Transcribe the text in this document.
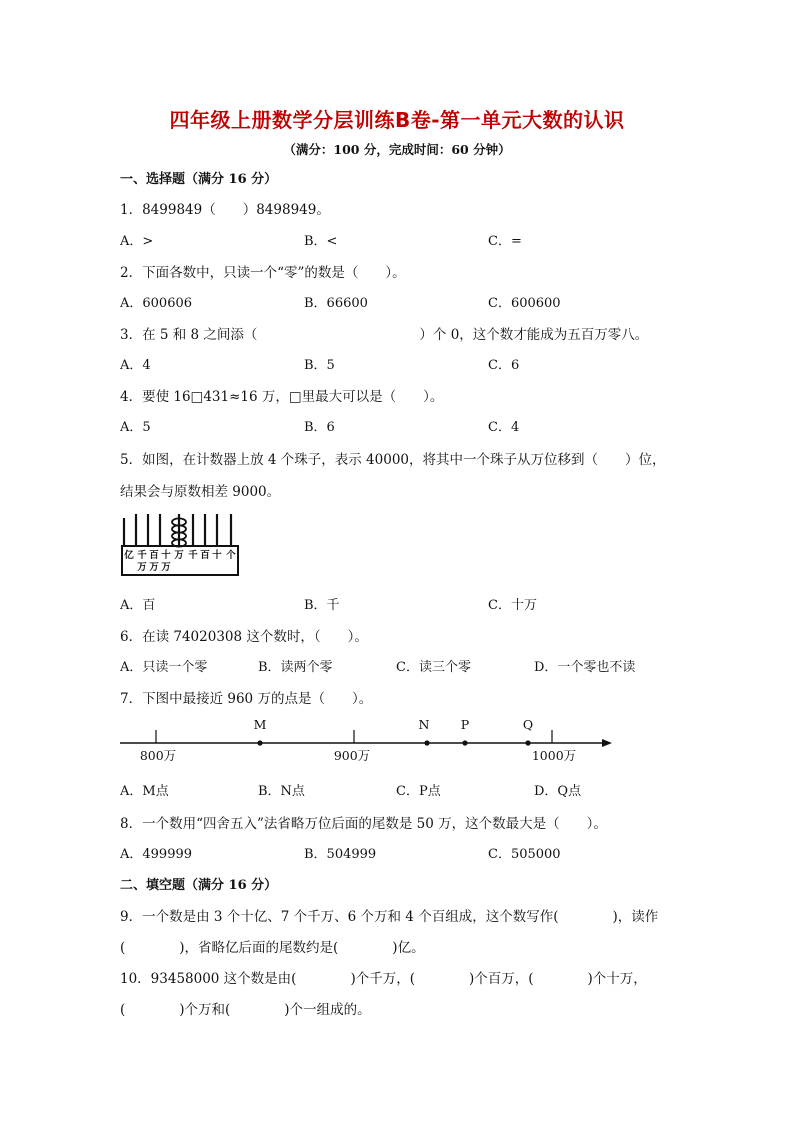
四年级上册数学分层训练B卷-第一单元大数的认识
（满分：100 分，完成时间：60 分钟）
一、选择题（满分 16 分）
1．8499849（　　）8498949。
A．>	B．<	C．=
2．下面各数中，只读一个“零”的数是（　　）。
A．600606	B．66600	C．600600
3．在 5 和 8 之间添（　　　　　　　　　　　　）个 0，这个数才能成为五百万零八。
A．4	B．5	C．6
4．要使 16□431≈16 万，□里最大可以是（　　）。
A．5	B．6	C．4
5．如图，在计数器上放 4 个珠子，表示 40000，将其中一个珠子从万位移到（　　）位，
结果会与原数相差 9000。
亿 千 百 十 万 千 百 十 个
万 万 万
A．百	B．千	C．十万
6．在读 74020308 这个数时，（　　）。
A．只读一个零	B．读两个零	C．读三个零	D．一个零也不读
7．下图中最接近 960 万的点是（　　）。
M	N	P	Q
800万	900万	1000万
A．M点	B．N点	C．P点	D．Q点
8．一个数用“四舍五入”法省略万位后面的尾数是 50 万，这个数最大是（　　）。
A．499999	B．504999	C．505000
二、填空题（满分 16 分）
9．一个数是由 3 个十亿、7 个千万、6 个万和 4 个百组成，这个数写作(　　　　)，读作
(　　　　)，省略亿后面的尾数约是(　　　　)亿。
10．93458000 这个数是由(　　　　)个千万，(　　　　)个百万，(　　　　)个十万，
(　　　　)个万和(　　　　)个一组成的。
